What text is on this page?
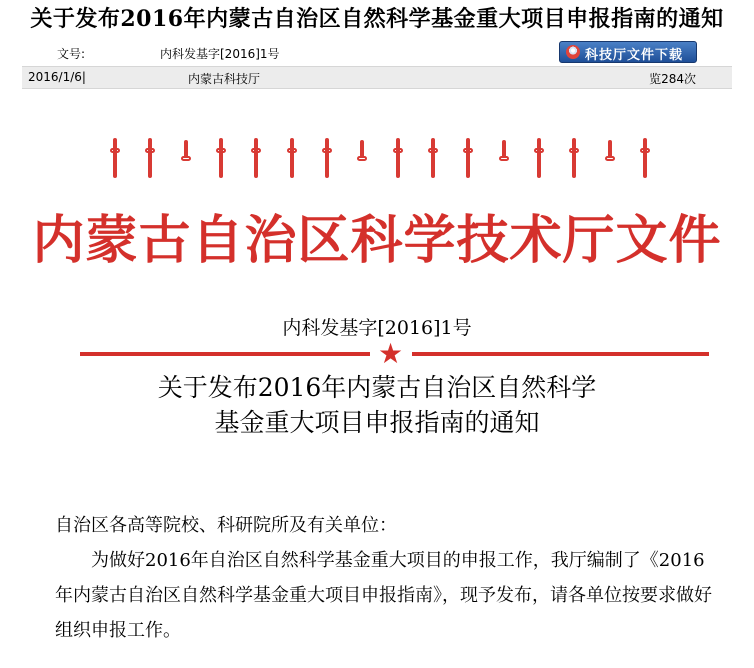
关于发布2016年内蒙古自治区自然科学基金重大项目申报指南的通知
文号:	内科发基字[2016]1号	科技厅文件下载
2016/1/6|	内蒙古科技厅	览284次
内蒙古自治区科学技术厅文件
内科发基字[2016]1号
★
关于发布2016年内蒙古自治区自然科学
基金重大项目申报指南的通知

自治区各高等院校、科研院所及有关单位：

为做好2016年自治区自然科学基金重大项目的申报工作，我厅编制了《2016年内蒙古自治区自然科学基金重大项目申报指南》，现予发布，请各单位按要求做好组织申报工作。
